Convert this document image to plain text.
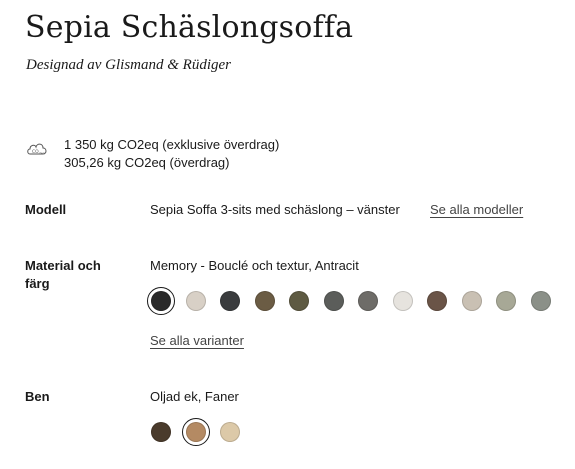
Sepia Schäslongsoffa

Designad av Glismand & Rüdiger

CO 2eq
1 350 kg CO2eq (exklusive överdrag)
305,26 kg CO2eq (överdrag)
Modell	Sepia Soffa 3-sits med schäslong – vänster Se alla modeller
Material och
färg
Memory - Bouclé och textur, Antracit
Se alla varianter
Ben	Oljad ek, Faner
